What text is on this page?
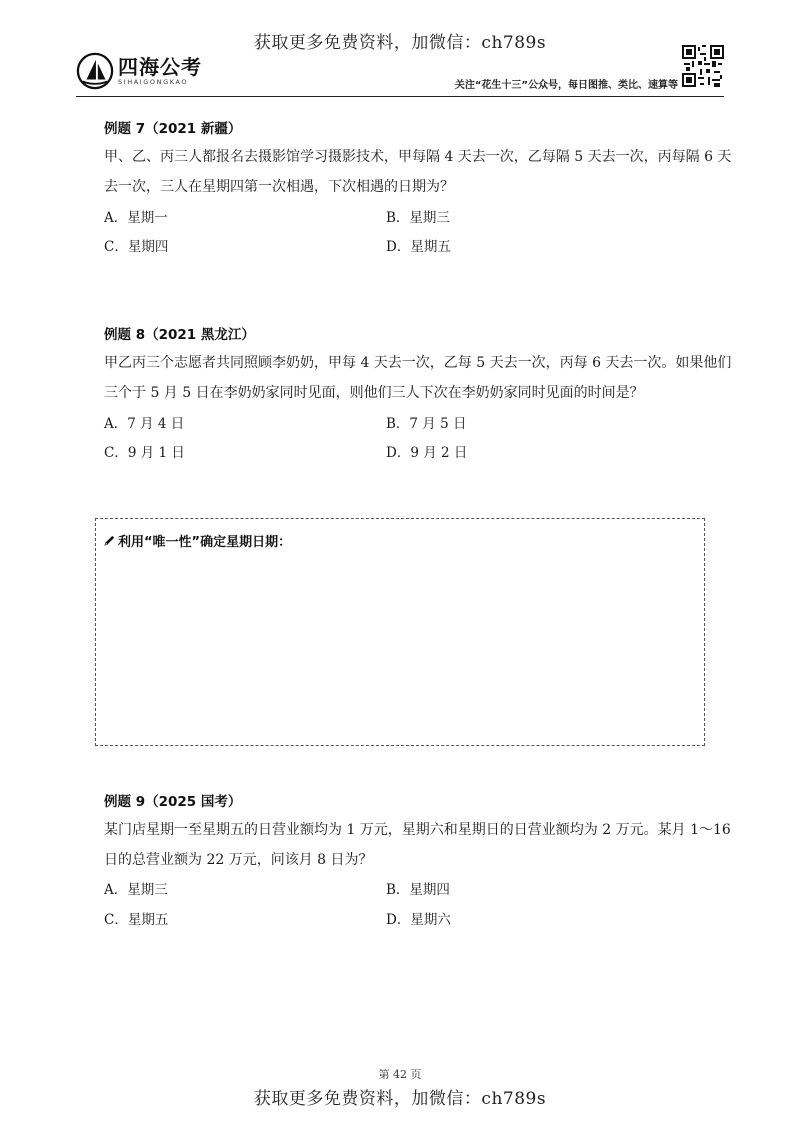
获取更多免费资料，加微信：ch789s
四海公考
SIHAIGONGKAO	关注“花生十三”公众号，每日图推、类比、速算等
例题 7（2021 新疆）
甲、乙、丙三人都报名去摄影馆学习摄影技术，甲每隔 4 天去一次，乙每隔 5 天去一次，丙每隔 6 天
去一次，三人在星期四第一次相遇，下次相遇的日期为？
A．星期一	B．星期三
C．星期四	D．星期五
例题 8（2021 黑龙江）
甲乙丙三个志愿者共同照顾李奶奶，甲每 4 天去一次，乙每 5 天去一次，丙每 6 天去一次。如果他们
三个于 5 月 5 日在李奶奶家同时见面，则他们三人下次在李奶奶家同时见面的时间是？
A．7 月 4 日	B．7 月 5 日
C．9 月 1 日	D．9 月 2 日
利用“唯一性”确定星期日期：
例题 9（2025 国考）
某门店星期一至星期五的日营业额均为 1 万元，星期六和星期日的日营业额均为 2 万元。某月 1～16
日的总营业额为 22 万元，问该月 8 日为？
A．星期三	B．星期四
C．星期五	D．星期六
第 42 页
获取更多免费资料，加微信：ch789s
